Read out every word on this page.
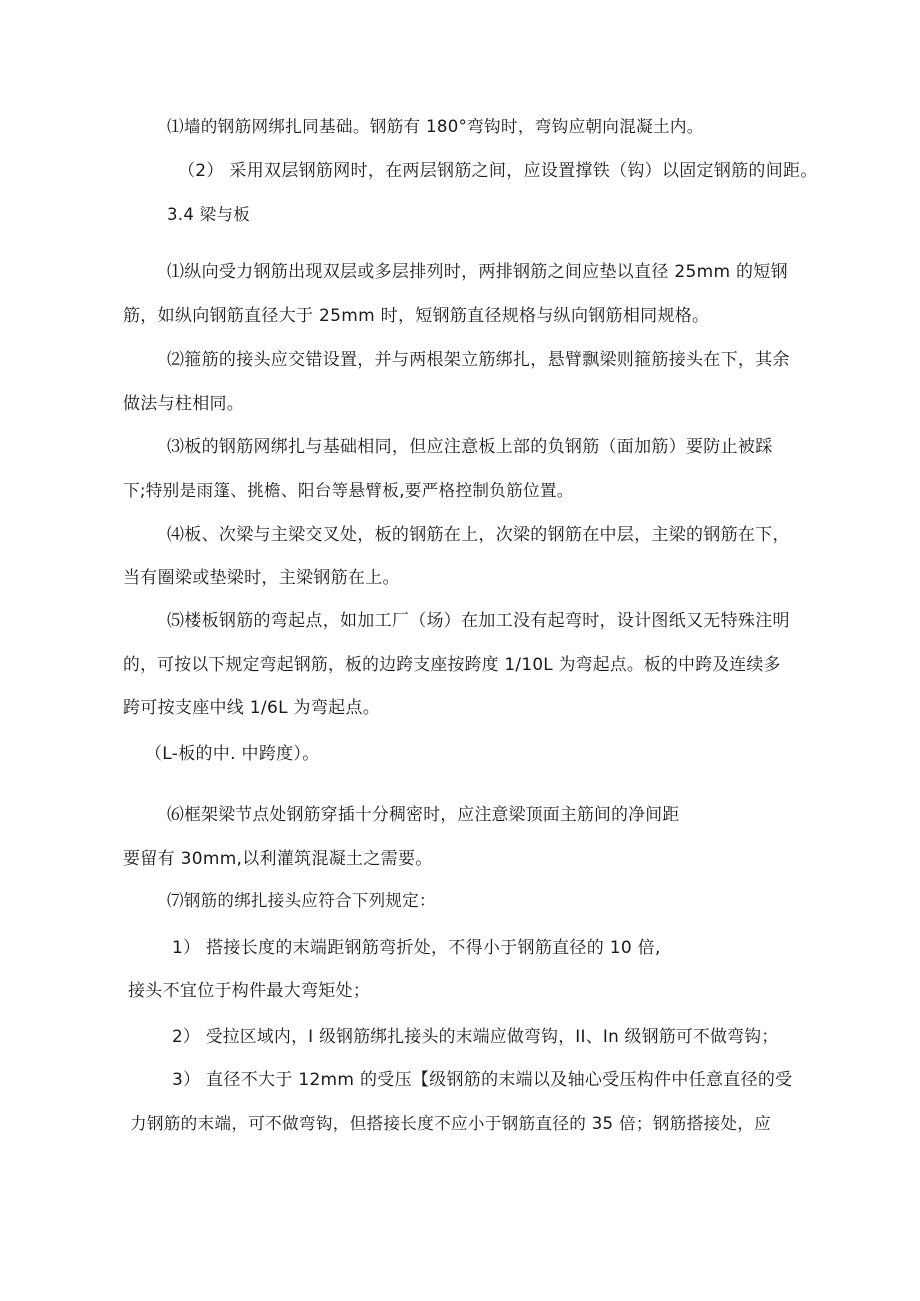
⑴墙的钢筋网绑扎同基础。钢筋有 180°弯钩时，弯钩应朝向混凝土内。
（2） 采用双层钢筋网时，在两层钢筋之间，应设置撑铁（钩）以固定钢筋的间距。
3.4 梁与板
⑴纵向受力钢筋出现双层或多层排列时，两排钢筋之间应垫以直径 25mm 的短钢
筋，如纵向钢筋直径大于 25mm 时，短钢筋直径规格与纵向钢筋相同规格。
⑵箍筋的接头应交错设置，并与两根架立筋绑扎，悬臂飘梁则箍筋接头在下，其余
做法与柱相同。
⑶板的钢筋网绑扎与基础相同，但应注意板上部的负钢筋（面加筋）要防止被踩
下;特别是雨篷、挑檐、阳台等悬臂板,要严格控制负筋位置。
⑷板、次梁与主梁交叉处，板的钢筋在上，次梁的钢筋在中层，主梁的钢筋在下，
当有圈梁或垫梁时，主梁钢筋在上。
⑸楼板钢筋的弯起点，如加工厂（场）在加工没有起弯时，设计图纸又无特殊注明
的，可按以下规定弯起钢筋，板的边跨支座按跨度 1/10L 为弯起点。板的中跨及连续多
跨可按支座中线 1/6L 为弯起点。
（L-板的中. 中跨度）。
⑹框架梁节点处钢筋穿插十分稠密时，应注意梁顶面主筋间的净间距
要留有 30mm,以利灌筑混凝土之需要。
⑺钢筋的绑扎接头应符合下列规定：
1） 搭接长度的末端距钢筋弯折处，不得小于钢筋直径的 10 倍,
接头不宜位于构件最大弯矩处；
2） 受拉区域内，I 级钢筋绑扎接头的末端应做弯钩，II、In 级钢筋可不做弯钩；
3） 直径不大于 12mm 的受压【级钢筋的末端以及轴心受压构件中任意直径的受
力钢筋的末端，可不做弯钩，但搭接长度不应小于钢筋直径的 35 倍；钢筋搭接处，应
